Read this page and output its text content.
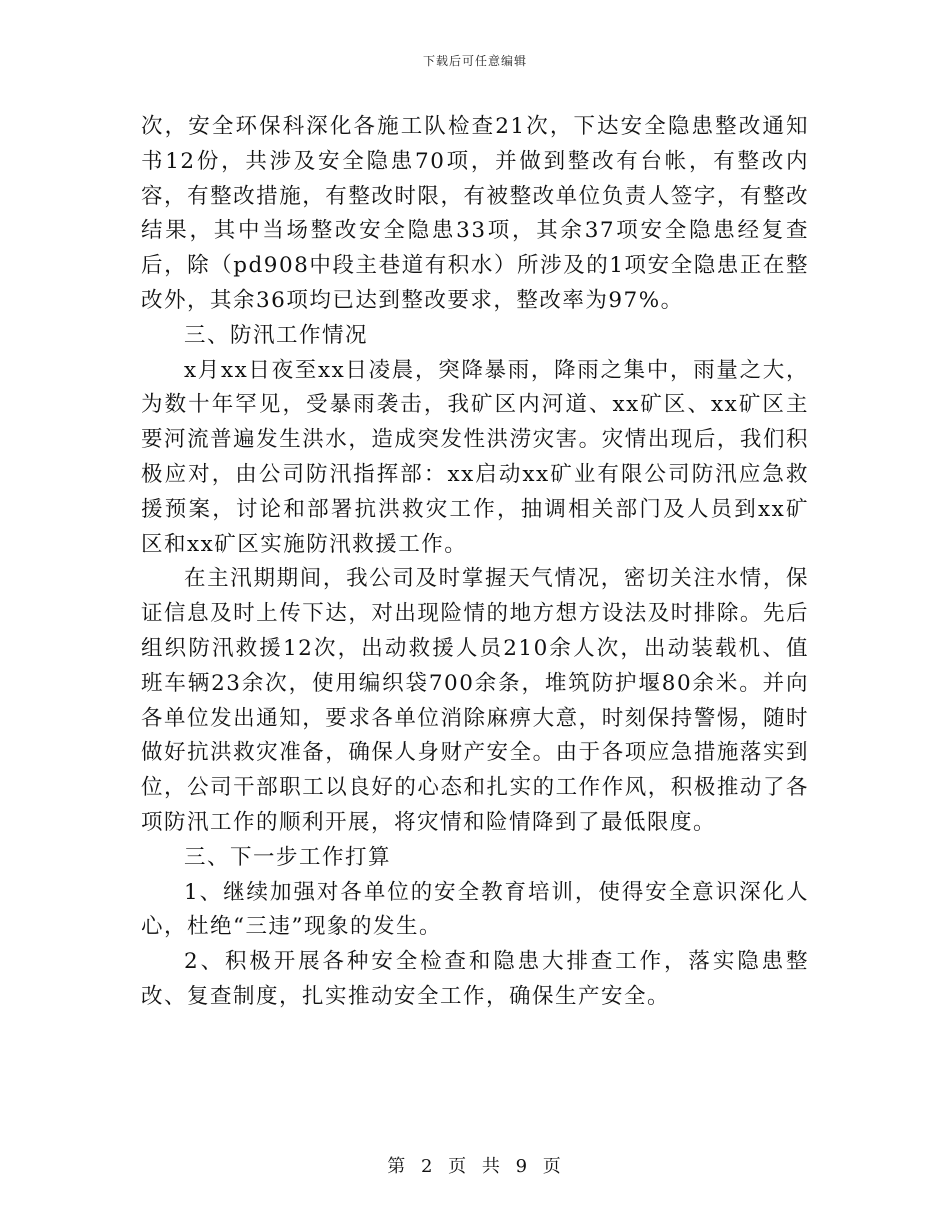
下载后可任意编辑

次，安全环保科深化各施工队检查21次，下达安全隐患整改通知书12份，共涉及安全隐患70项，并做到整改有台帐，有整改内容，有整改措施，有整改时限，有被整改单位负责人签字，有整改结果，其中当场整改安全隐患33项，其余37项安全隐患经复查后，除（pd908中段主巷道有积水）所涉及的1项安全隐患正在整改外，其余36项均已达到整改要求，整改率为97%。

三、防汛工作情况

x月xx日夜至xx日凌晨，突降暴雨，降雨之集中，雨量之大，为数十年罕见，受暴雨袭击，我矿区内河道、xx矿区、xx矿区主要河流普遍发生洪水，造成突发性洪涝灾害。灾情出现后，我们积极应对，由公司防汛指挥部：xx启动xx矿业有限公司防汛应急救援预案，讨论和部署抗洪救灾工作，抽调相关部门及人员到xx矿区和xx矿区实施防汛救援工作。

在主汛期期间，我公司及时掌握天气情况，密切关注水情，保证信息及时上传下达，对出现险情的地方想方设法及时排除。先后组织防汛救援12次，出动救援人员210余人次，出动装载机、值班车辆23余次，使用编织袋700余条，堆筑防护堰80余米。并向各单位发出通知，要求各单位消除麻痹大意，时刻保持警惕，随时做好抗洪救灾准备，确保人身财产安全。由于各项应急措施落实到位，公司干部职工以良好的心态和扎实的工作作风，积极推动了各项防汛工作的顺利开展，将灾情和险情降到了最低限度。

三、下一步工作打算

1、继续加强对各单位的安全教育培训，使得安全意识深化人心，杜绝“三违”现象的发生。

2、积极开展各种安全检查和隐患大排查工作，落实隐患整改、复查制度，扎实推动安全工作，确保生产安全。

第 2 页 共 9 页
